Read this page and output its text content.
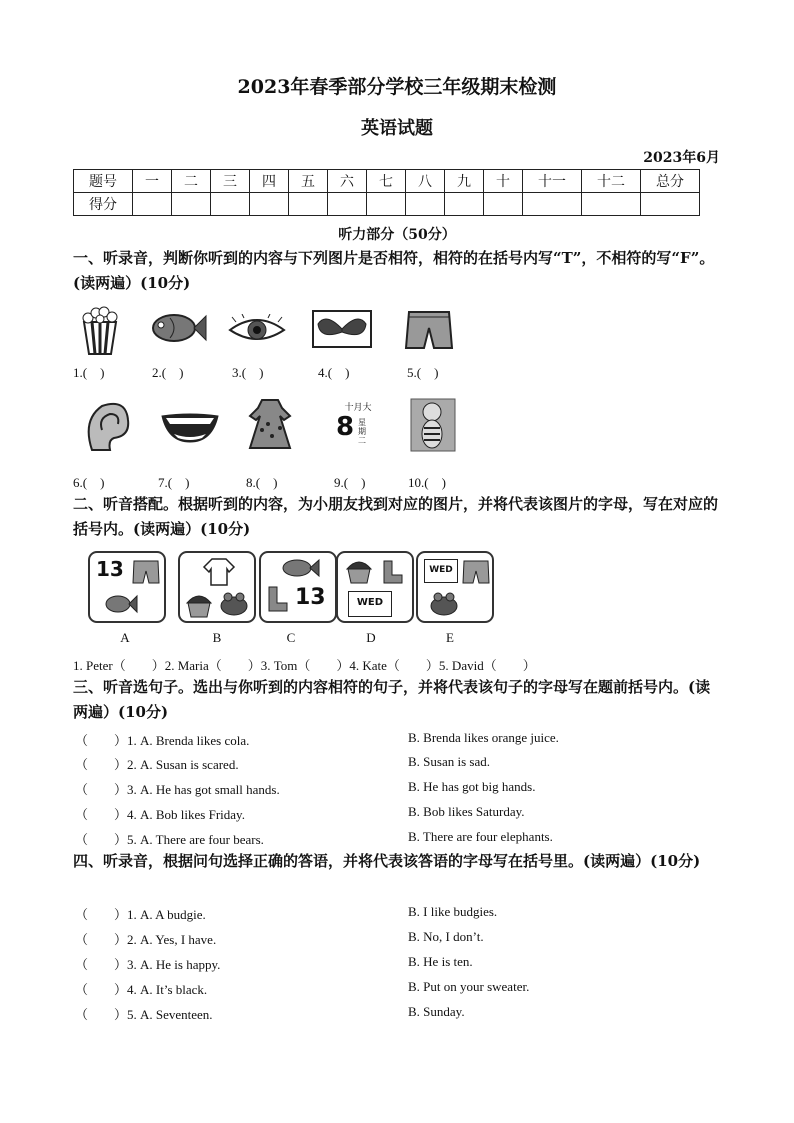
2023年春季部分学校三年级期末检测
英语试题
2023年6月
题号	一	二	三	四	五	六	七	八	九	十	十一	十二	总分
得分													
听力部分（50分）
一、听录音，判断你听到的内容与下列图片是否相符，相符的在括号内写“T”，不相符的写“F”。(读两遍）(10分)
1.(　)	2.(　)	3.(　)	4.(　)	5.(　)
十月大
8 星期二
6.(　)	7.(　)	8.(　)	9.(　)	10.(　)
二、听音搭配。根据听到的内容，为小朋友找到对应的图片，并将代表该图片的字母，写在对应的括号内。(读两遍）(10分)
13
13	WED
WED
A	B	C	D	E
1. Peter（　　）2. Maria（　　）3. Tom（　　）4. Kate（　　）5. David（　　）
三、听音选句子。选出与你听到的内容相符的句子，并将代表该句子的字母写在题前括号内。(读两遍）(10分)
（　　）1. A. Brenda likes cola.	B. Brenda likes orange juice.
（　　）2. A. Susan is scared.	B. Susan is sad.
（　　）3. A. He has got small hands.	B. He has got big hands.
（　　）4. A. Bob likes Friday.	B. Bob likes Saturday.
（　　）5. A. There are four bears.	B. There are four elephants.
四、听录音，根据问句选择正确的答语，并将代表该答语的字母写在括号里。(读两遍）(10分)
（　　）1. A. A budgie.	B. I like budgies.
（　　）2. A. Yes, I have.	B. No, I don’t.
（　　）3. A. He is happy.	B. He is ten.
（　　）4. A. It’s black.	B. Put on your sweater.
（　　）5. A. Seventeen.	B. Sunday.
